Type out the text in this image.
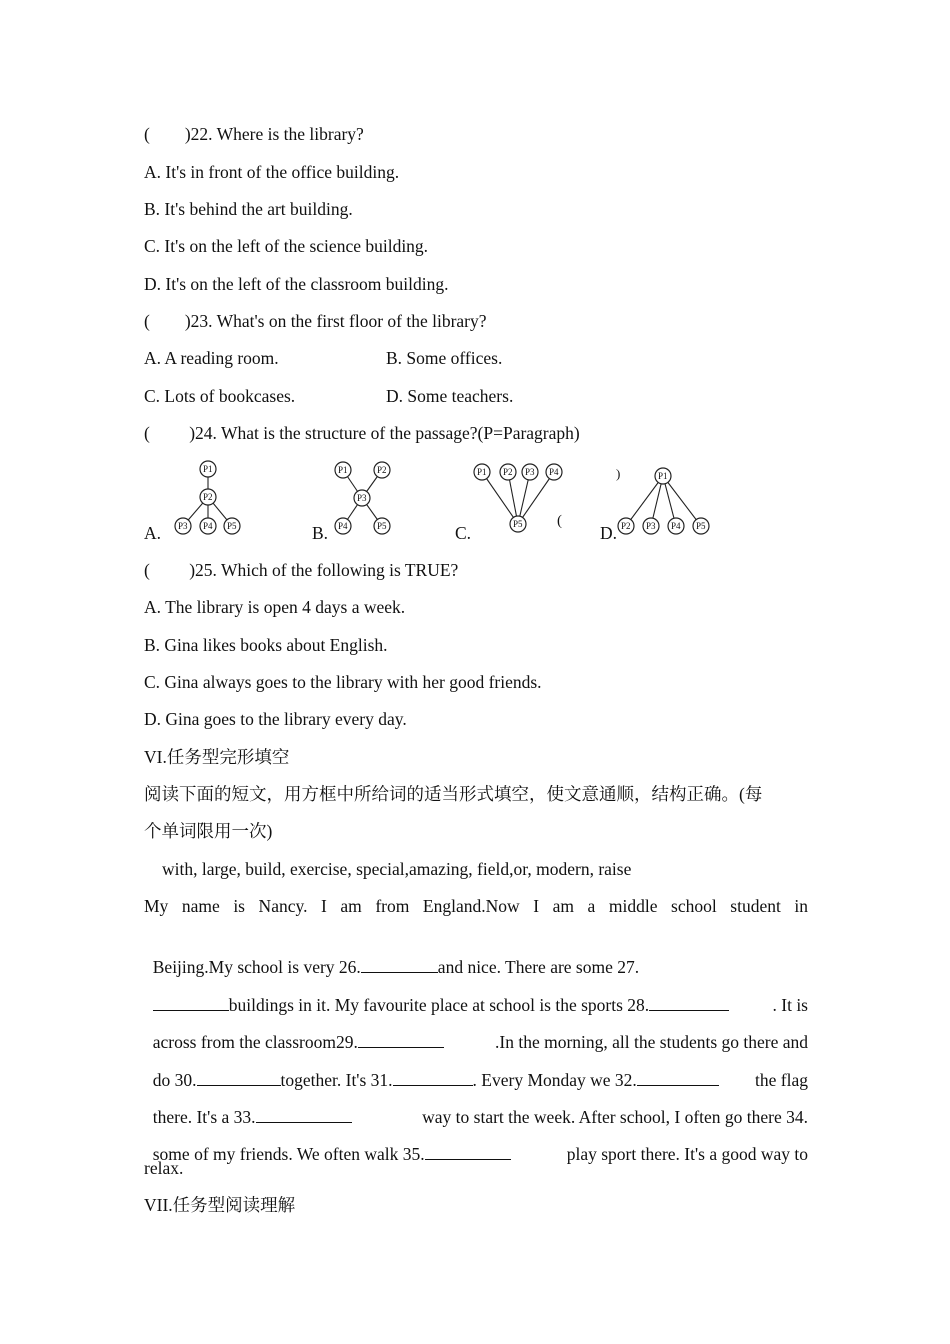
(        )22. Where is the library?
A. It's in front of the office building.
B. It's behind the art building.
C. It's on the left of the science building.
D. It's on the left of the classroom building.
(        )23. What's on the first floor of the library?
A. A reading room.	B. Some offices.
C. Lots of bookcases.	D. Some teachers.
(         )24. What is the structure of the passage?(P=Paragraph)
P1
P2
P3 P4 P5
A.
P1	P2
P3
P4	P5
B.
P1 P2 P3 P4
P5
C.
(
)	P1
P2 P3 P4 P5
D.
(         )25. Which of the following is TRUE?
A. The library is open 4 days a week.
B. Gina likes books about English.
C. Gina always goes to the library with her good friends.
D. Gina goes to the library every day.
VI.任务型完形填空
阅读下面的短文，用方框中所给词的适当形式填空，使文意通顺，结构正确。(每
个单词限用一次)
with, large, build, exercise, special,amazing, field,or, modern, raise
My name is Nancy. I am from England.Now I am a middle school student in

Beijing.My school is very 26.	and nice. There are some 27.

buildings in it. My favourite place at school is the sports 28.	. It is

across from the classroom29.	.In the morning, all the students go there and

do 30.	together. It's 31.	. Every Monday we 32.	the flag

there. It's a 33.	way to start the week. After school, I often go there 34.

some of my friends. We often walk 35.	play sport there. It's a good way to

relax.
VII.任务型阅读理解
